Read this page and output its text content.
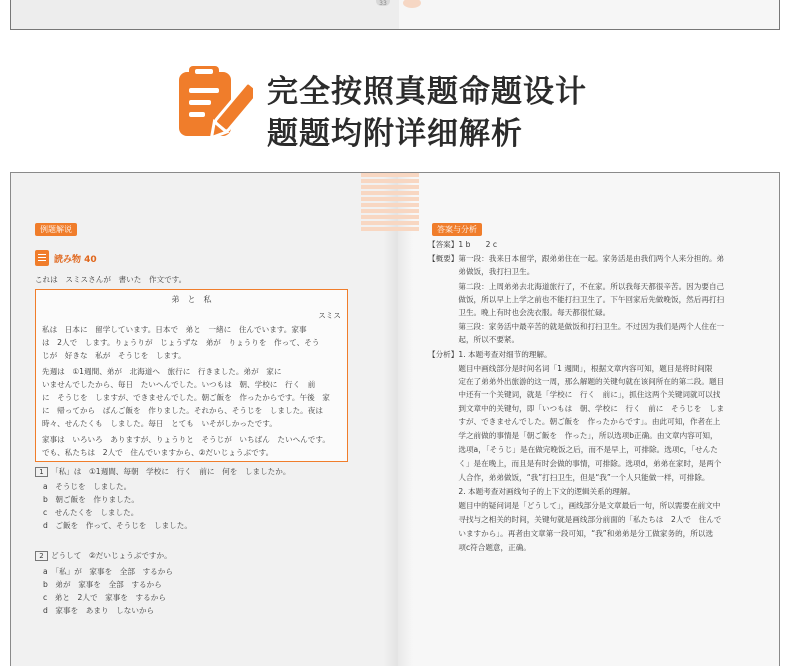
33
完全按照真题命题设计
题题均附详细解析
例题解说
読み物 40
これは　スミスさんが　書いた　作文です。
弟　と　私
スミス
私は　日本に　留学しています。日本で　弟と　一緒に　住んでいます。家事
は　2人で　します。りょうりが　じょうずな　弟が　りょうりを　作って、そう
じが　好きな　私が　そうじを　します。
先週は　①1週間、弟が　北海道へ　旅行に　行きました。弟が　家に
いませんでしたから、毎日　たいへんでした。いつもは　朝、学校に　行く　前
に　そうじを　しますが、できませんでした。朝ご飯を　作ったからです。午後　家
に　帰ってから　ばんご飯を　作りました。それから、そうじを　しました。夜は
時々、せんたくも　しました。毎日　とても　いそがしかったです。
家事は　いろいろ　ありますが、りょうりと　そうじが　いちばん　たいへんです。
でも、私たちは　2人で　住んでいますから、②だいじょうぶです。
1 「私」は　①1週間、毎朝　学校に　行く　前に　何を　しましたか。
a　そうじを　しました。
b　朝ご飯を　作りました。
c　せんたくを　しました。
d　ご飯を　作って、そうじを　しました。
2 どうして　②だいじょうぶですか。
a　「私」が　家事を　全部　するから
b　弟が　家事を　全部　するから
c　弟と　2人で　家事を　するから
d　家事を　あまり　しないから
答案与分析
【答案】1 b　　2 c
【概要】第一段：我来日本留学，跟弟弟住在一起。家务活是由我们两个人来分担的。弟
　　　　弟做饭，我打扫卫生。
　　　　第二段：上周弟弟去北海道旅行了，不在家。所以我每天都很辛苦。因为要自己
　　　　做饭，所以早上上学之前也不能打扫卫生了。下午回家后先做晚饭，然后再打扫
　　　　卫生。晚上有时也会洗衣服。每天都很忙碌。
　　　　第三段：家务活中最辛苦的就是做饭和打扫卫生。不过因为我们是两个人住在一
　　　　起，所以不要紧。
【分析】1. 本题考查对细节的理解。
　　　　题目中画线部分是时间名词「1 週間」，根据文章内容可知，题目是将时间限
　　　　定在了弟弟外出旅游的这一周，那么解题的关键句就在该间所在的第二段。题目
　　　　中还有一个关键词，就是「学校に　行く　前に」，抓住这两个关键词就可以找
　　　　到文章中的关键句，即「いつもは　朝、学校に　行く　前に　そうじを　しま
　　　　すが、できませんでした。朝ご飯を　作ったからです」。由此可知，作者在上
　　　　学之前做的事情是「朝ご飯を　作った」，所以选项b正确。由文章内容可知，
　　　　选项a，「そうじ」是在做完晚饭之后，而不是早上，可排除。选项c，「せんた
　　　　く」是在晚上，而且是有时会做的事情，可排除。选项d，弟弟在家时，是两个
　　　　人合作，弟弟做饭，“我”打扫卫生，但是“我”一个人只能做一样，可排除。
　　　　2. 本题考查对画线句子的上下文的逻辑关系的理解。
　　　　题目中的疑问词是「どうして」，画线部分是文章最后一句，所以需要在前文中
　　　　寻找与之相关的时间，关键句就是画线部分前面的「私たちは　2人で　住んで
　　　　いますから」。再者由文章第一段可知，“我”和弟弟是分工做家务的，所以选
　　　　项c符合题意，正确。
